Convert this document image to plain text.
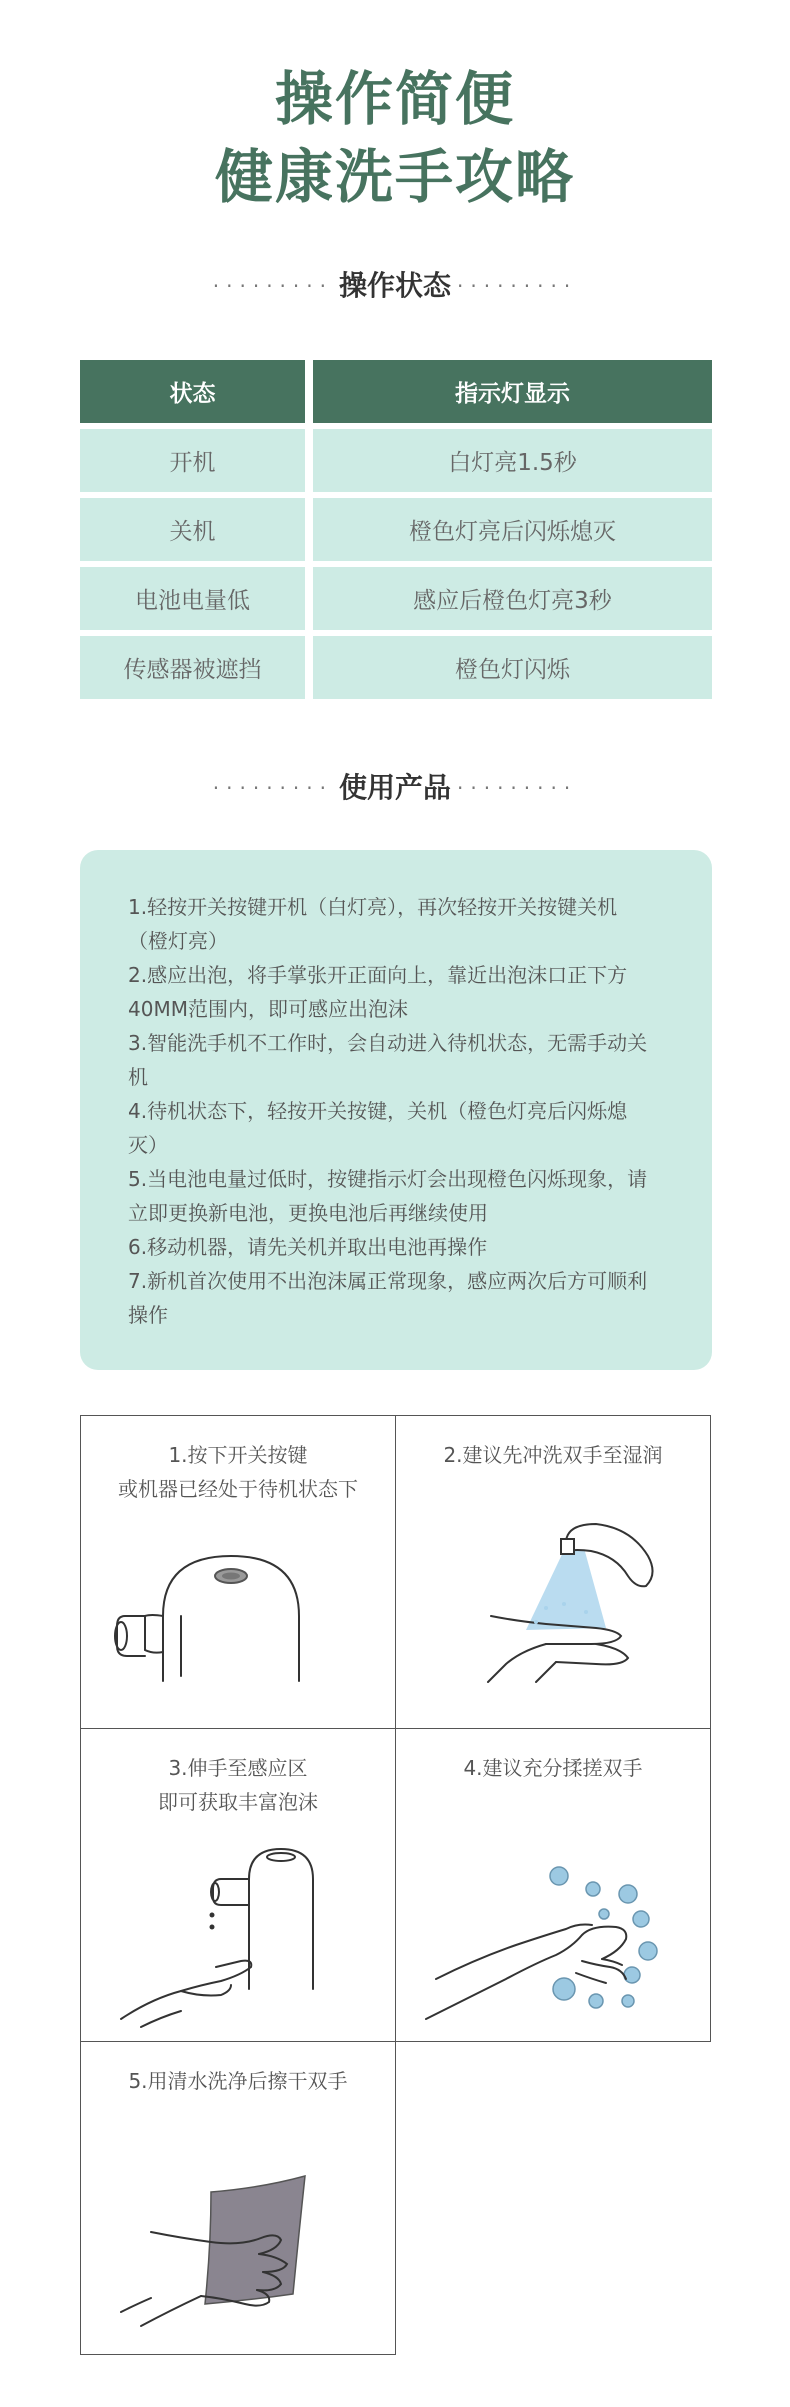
操作简便
健康洗手攻略
········· 操作状态 ·········
状态	指示灯显示
开机	白灯亮1.5秒
关机	橙色灯亮后闪烁熄灭
电池电量低	感应后橙色灯亮3秒
传感器被遮挡	橙色灯闪烁
········· 使用产品 ·········
1.轻按开关按键开机（白灯亮），再次轻按开关按键关机
（橙灯亮）
2.感应出泡，将手掌张开正面向上，靠近出泡沫口正下方
40MM范围内，即可感应出泡沫
3.智能洗手机不工作时，会自动进入待机状态，无需手动关
机
4.待机状态下，轻按开关按键，关机（橙色灯亮后闪烁熄
灭）
5.当电池电量过低时，按键指示灯会出现橙色闪烁现象，请
立即更换新电池，更换电池后再继续使用
6.移动机器，请先关机并取出电池再操作
7.新机首次使用不出泡沫属正常现象，感应两次后方可顺利
操作
1.按下开关按键
或机器已经处于待机状态下
2.建议先冲洗双手至湿润
3.伸手至感应区
即可获取丰富泡沫
4.建议充分揉搓双手
5.用清水洗净后擦干双手
